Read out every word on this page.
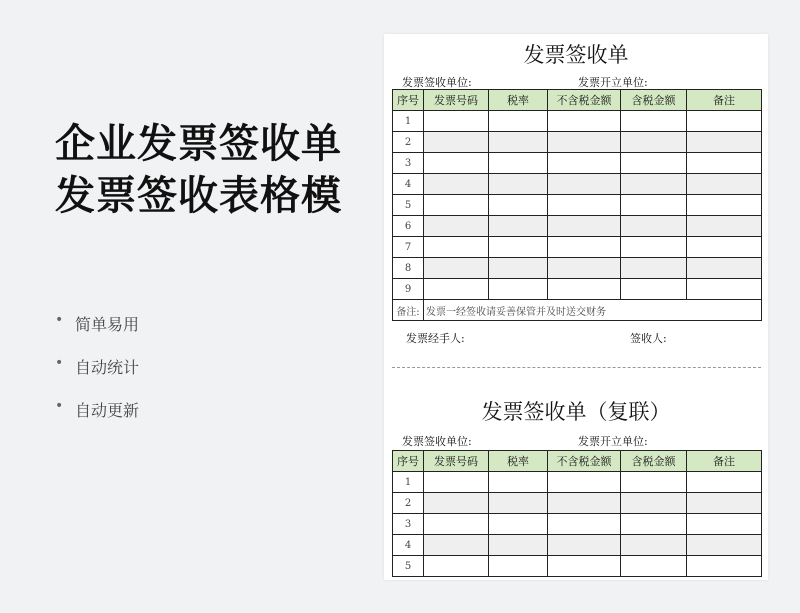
企业发票签收单
发票签收表格模
• 简单易用
• 自动统计
• 自动更新
发票签收单
发票签收单位:	发票开立单位:
序号	发票号码	税率	不含税金额	含税金额	备注
1					
2					
3					
4					
5					
6					
7					
8					
9					
备注:	发票一经签收请妥善保管并及时送交财务				
发票经手人:	签收人:
发票签收单（复联）
发票签收单位:	发票开立单位:
序号	发票号码	税率	不含税金额	含税金额	备注
1					
2					
3					
4					
5					
